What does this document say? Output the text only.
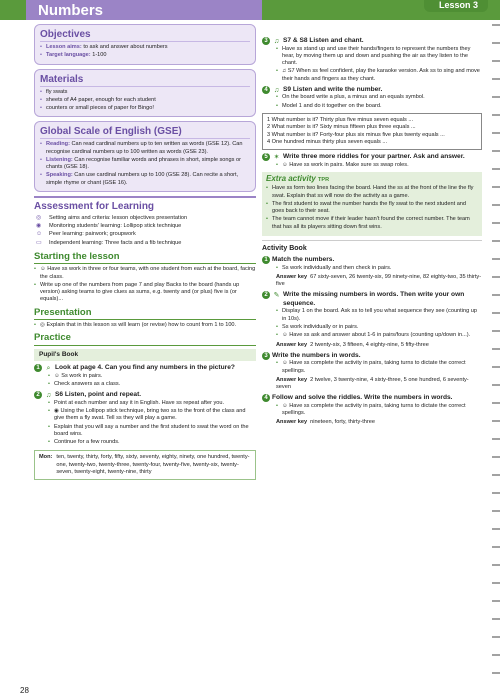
Lesson 3
Numbers
Objectives
• Lesson aims: to ask and answer about numbers
• Target language: 1-100
Materials
• fly swats
• sheets of A4 paper, enough for each student
• counters or small pieces of paper for Bingo!
Global Scale of English (GSE)
• Reading: Can read cardinal numbers up to ten written as words (GSE 12). Can recognise cardinal numbers up to 100 written as words (GSE 23).
• Listening: Can recognise familiar words and phrases in short, simple songs or chants (GSE 18).
• Speaking: Can use cardinal numbers up to 100 (GSE 28). Can recite a short, simple rhyme or chant (GSE 16).
Assessment for Learning
◎	Setting aims and criteria: lesson objectives presentation
◉	Monitoring students' learning: Lollipop stick technique
☺	Peer learning: pairwork; groupwork
▭	Independent learning: Three facts and a fib technique
Starting the lesson
• ☺ Have ss work in three or four teams, with one student from each at the board, facing the class.
• Write up one of the numbers from page 7 and play Backs to the board (hands up version) asking teams to give clues as sums, e.g. twenty and (or plus) five is (or equals)...
Presentation
• ◎ Explain that in this lesson ss will learn (or revise) how to count from 1 to 100.
Practice
Pupil's Book
1 ⌕ Look at page 4. Can you find any numbers in the picture?
• ☺ Ss work in pairs.
• Check answers as a class.
2 ♫ S6 Listen, point and repeat.
• Point at each number and say it in English. Have ss repeat after you.
• ◉ Using the Lollipop stick technique, bring two ss to the front of the class and give them a fly swat. Tell ss they will play a game.
• Explain that you will say a number and the first student to swat the word on the board wins.
• Continue for a few rounds.
Mon: ten, twenty, thirty, forty, fifty, sixty, seventy, eighty, ninety, one hundred, twenty-one, twenty-two, twenty-three, twenty-four, twenty-five, twenty-six, twenty-seven, twenty-eight, twenty-nine, thirty
3 ♫ S7 & S8 Listen and chant.
• Have ss stand up and use their hands/fingers to represent the numbers they hear, by moving them up and down and pushing the air as they listen to the chant.
• ♫ S7 When ss feel confident, play the karaoke version. Ask ss to sing and move their hands and fingers as they chant.
4 ♫ S9 Listen and write the number.
• On the board write a plus, a minus and an equals symbol.
• Model 1 and do it together on the board.
1 What number is it? Thirty plus five minus seven equals ...
2 What number is it? Sixty minus fifteen plus three equals ...
3 What number is it? Forty-four plus six minus five plus twenty equals ...
4 One hundred minus thirty plus seven equals ...
5 ✶ Write three more riddles for your partner. Ask and answer.
• ☺ Have ss work in pairs. Make sure ss swap roles.
Extra activity TPR
• Have ss form two lines facing the board. Hand the ss at the front of the line the fly swat. Explain that ss will now do the activity as a game.
• The first student to swat the number hands the fly swat to the next student and goes back to their seat.
• The team cannot move if their leader hasn't found the correct number. The team that has all its players sitting down first wins.
Activity Book
1 Match the numbers.
• Ss work individually and then check in pairs.
Answer key 67 sixty-seven, 26 twenty-six, 99 ninety-nine, 82 eighty-two, 35 thirty-five
2 ✎ Write the missing numbers in words. Then write your own sequence.
• Display 1 on the board. Ask ss to tell you what sequence they see (counting up in 10s).
• Ss work individually or in pairs.
• ☺ Have ss ask and answer about 1-6 in pairs/fours (counting up/down in...).
Answer key 2 twenty-six, 3 fifteen, 4 eighty-nine, 5 fifty-three
3 Write the numbers in words.
• ☺ Have ss complete the activity in pairs, taking turns to dictate the correct spellings.
Answer key 2 twelve, 3 twenty-nine, 4 sixty-three, 5 one hundred, 6 seventy-seven
4 Follow and solve the riddles. Write the numbers in words.
• ☺ Have ss complete the activity in pairs, taking turns to dictate the correct spellings.
Answer key nineteen, forty, thirty-three
28
